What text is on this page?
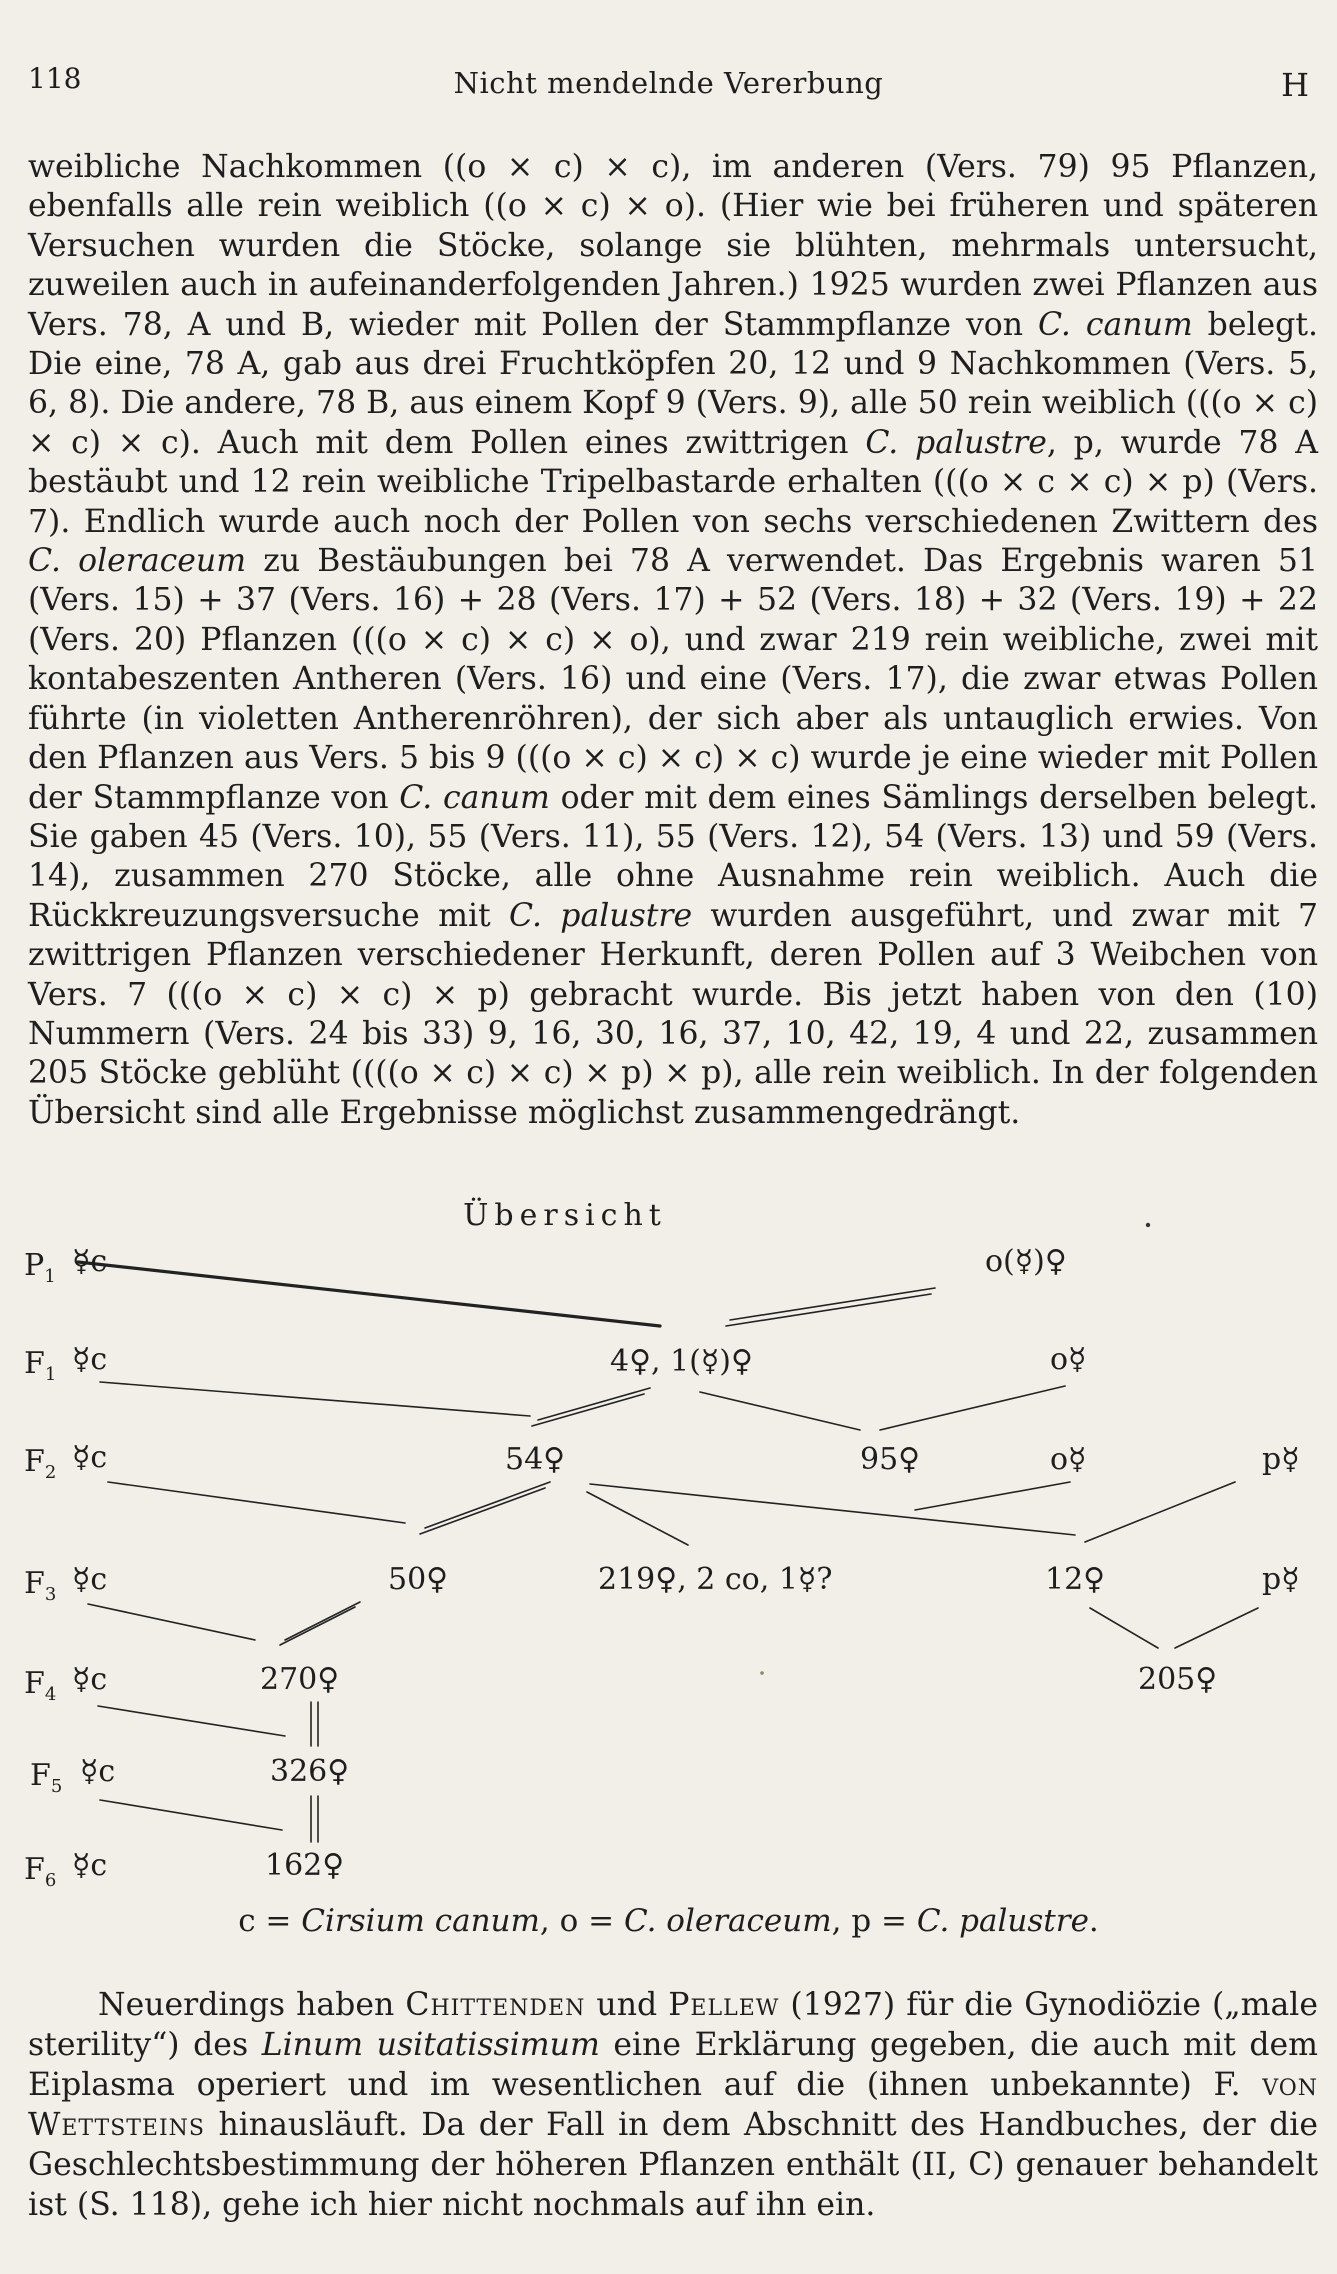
118	Nicht mendelnde Vererbung	H

weibliche Nachkommen ((o × c) × c), im anderen (Vers. 79) 95 Pflanzen, ebenfalls alle rein weiblich ((o × c) × o). (Hier wie bei früheren und späteren Versuchen wurden die Stöcke, solange sie blühten, mehrmals untersucht, zuweilen auch in aufeinanderfolgenden Jahren.) 1925 wurden zwei Pflanzen aus Vers. 78, A und B, wieder mit Pollen der Stammpflanze von C. canum belegt. Die eine, 78 A, gab aus drei Fruchtköpfen 20, 12 und 9 Nachkommen (Vers. 5, 6, 8). Die andere, 78 B, aus einem Kopf 9 (Vers. 9), alle 50 rein weiblich (((o × c) × c) × c). Auch mit dem Pollen eines zwittrigen C. palustre, p, wurde 78 A bestäubt und 12 rein weibliche Tripelbastarde erhalten (((o × c × c) × p) (Vers. 7). Endlich wurde auch noch der Pollen von sechs verschiedenen Zwittern des C. oleraceum zu Bestäubungen bei 78 A verwendet. Das Ergebnis waren 51 (Vers. 15) + 37 (Vers. 16) + 28 (Vers. 17) + 52 (Vers. 18) + 32 (Vers. 19) + 22 (Vers. 20) Pflanzen (((o × c) × c) × o), und zwar 219 rein weibliche, zwei mit kontabeszenten Antheren (Vers. 16) und eine (Vers. 17), die zwar etwas Pollen führte (in violetten Antherenröhren), der sich aber als untauglich erwies. Von den Pflanzen aus Vers. 5 bis 9 (((o × c) × c) × c) wurde je eine wieder mit Pollen der Stammpflanze von C. canum oder mit dem eines Sämlings derselben belegt. Sie gaben 45 (Vers. 10), 55 (Vers. 11), 55 (Vers. 12), 54 (Vers. 13) und 59 (Vers. 14), zusammen 270 Stöcke, alle ohne Ausnahme rein weiblich. Auch die Rückkreuzungsversuche mit C. palustre wurden ausgeführt, und zwar mit 7 zwittrigen Pflanzen verschiedener Herkunft, deren Pollen auf 3 Weibchen von Vers. 7 (((o × c) × c) × p) gebracht wurde. Bis jetzt haben von den (10) Nummern (Vers. 24 bis 33) 9, 16, 30, 16, 37, 10, 42, 19, 4 und 22, zusammen 205 Stöcke geblüht ((((o × c) × c) × p) × p), alle rein weiblich. In der folgenden Übersicht sind alle Ergebnisse möglichst zusammengedrängt.

Übersicht
$P_1$ ☿c	o(☿)♀
$F_1$ ☿c	4♀, 1(☿)♀	o☿
$F_2$ ☿c	54♀	95♀	o☿	p☿
$F_3$ ☿c	50♀	219♀, 2 co, 1☿?	12♀	p☿
$F_4$ ☿c	270♀	205♀
$F_5$ ☿c	326♀
$F_6$ ☿c	162♀
c = Cirsium canum, o = C. oleraceum, p = C. palustre.

Neuerdings haben Chittenden und Pellew (1927) für die Gynodiözie („male sterility“) des Linum usitatissimum eine Erklärung gegeben, die auch mit dem Eiplasma operiert und im wesentlichen auf die (ihnen unbekannte) F. von Wettsteins hinausläuft. Da der Fall in dem Abschnitt des Handbuches, der die Geschlechtsbestimmung der höheren Pflanzen enthält (II, C) genauer behandelt ist (S. 118), gehe ich hier nicht nochmals auf ihn ein.
